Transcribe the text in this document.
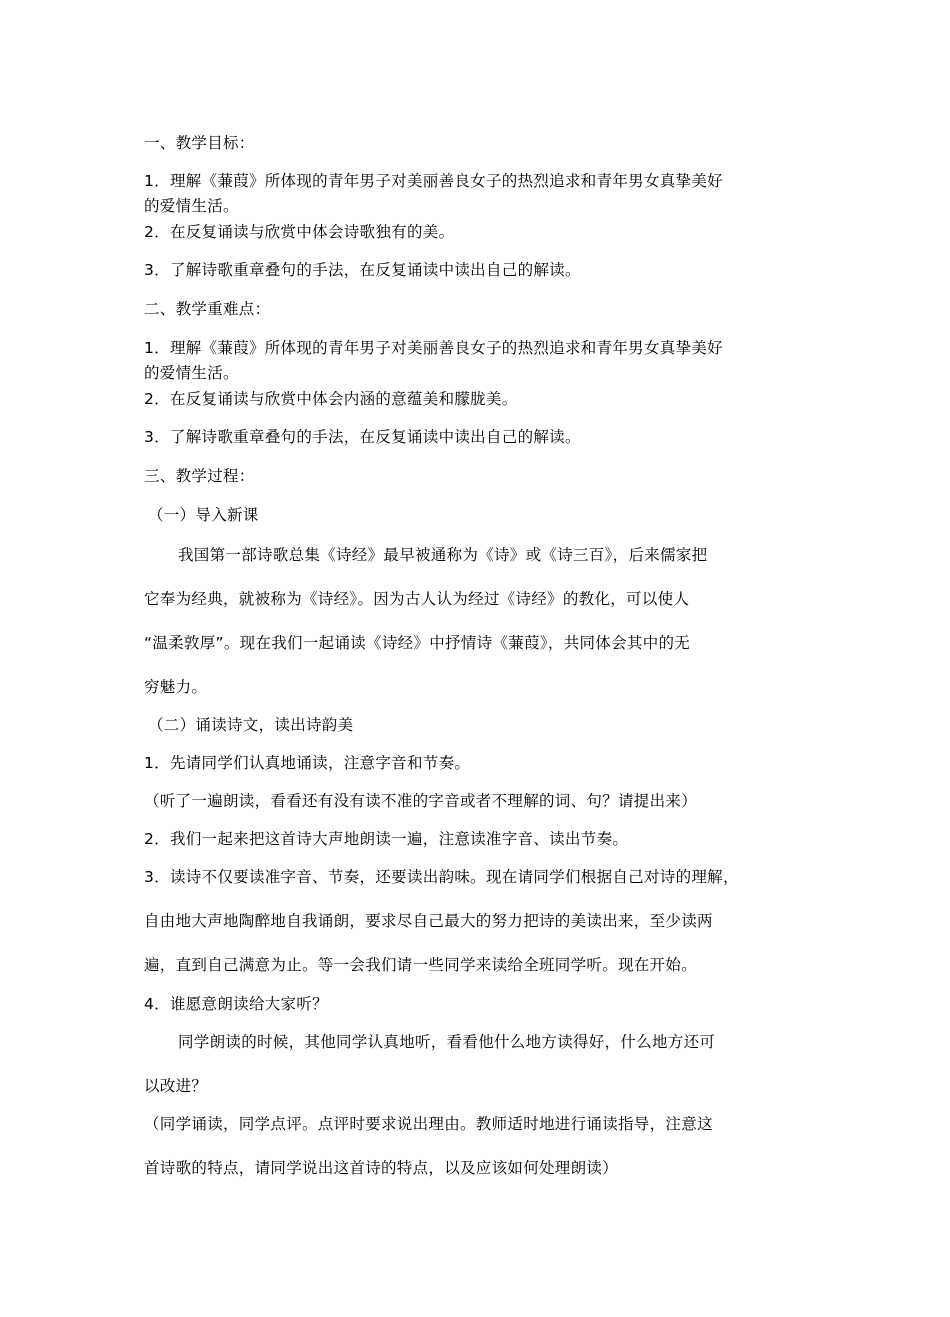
一、教学目标：
1．理解《蒹葭》所体现的青年男子对美丽善良女子的热烈追求和青年男女真挚美好
的爱情生活。
2．在反复诵读与欣赏中体会诗歌独有的美。
3．了解诗歌重章叠句的手法，在反复诵读中读出自己的解读。
二、教学重难点：
1．理解《蒹葭》所体现的青年男子对美丽善良女子的热烈追求和青年男女真挚美好
的爱情生活。
2．在反复诵读与欣赏中体会内涵的意蕴美和朦胧美。
3．了解诗歌重章叠句的手法，在反复诵读中读出自己的解读。
三、教学过程：
（一）导入新课
我国第一部诗歌总集《诗经》最早被通称为《诗》或《诗三百》，后来儒家把
它奉为经典，就被称为《诗经》。因为古人认为经过《诗经》的教化，可以使人
“温柔敦厚”。现在我们一起诵读《诗经》中抒情诗《蒹葭》，共同体会其中的无
穷魅力。
（二）诵读诗文，读出诗韵美
1．先请同学们认真地诵读，注意字音和节奏。
（听了一遍朗读，看看还有没有读不准的字音或者不理解的词、句？请提出来）
2．我们一起来把这首诗大声地朗读一遍，注意读准字音、读出节奏。
3．读诗不仅要读准字音、节奏，还要读出韵味。现在请同学们根据自己对诗的理解，
自由地大声地陶醉地自我诵朗，要求尽自己最大的努力把诗的美读出来，至少读两
遍，直到自己满意为止。等一会我们请一些同学来读给全班同学听。现在开始。
4．谁愿意朗读给大家听？
同学朗读的时候，其他同学认真地听，看看他什么地方读得好，什么地方还可
以改进？
（同学诵读，同学点评。点评时要求说出理由。教师适时地进行诵读指导，注意这
首诗歌的特点，请同学说出这首诗的特点，以及应该如何处理朗读）
